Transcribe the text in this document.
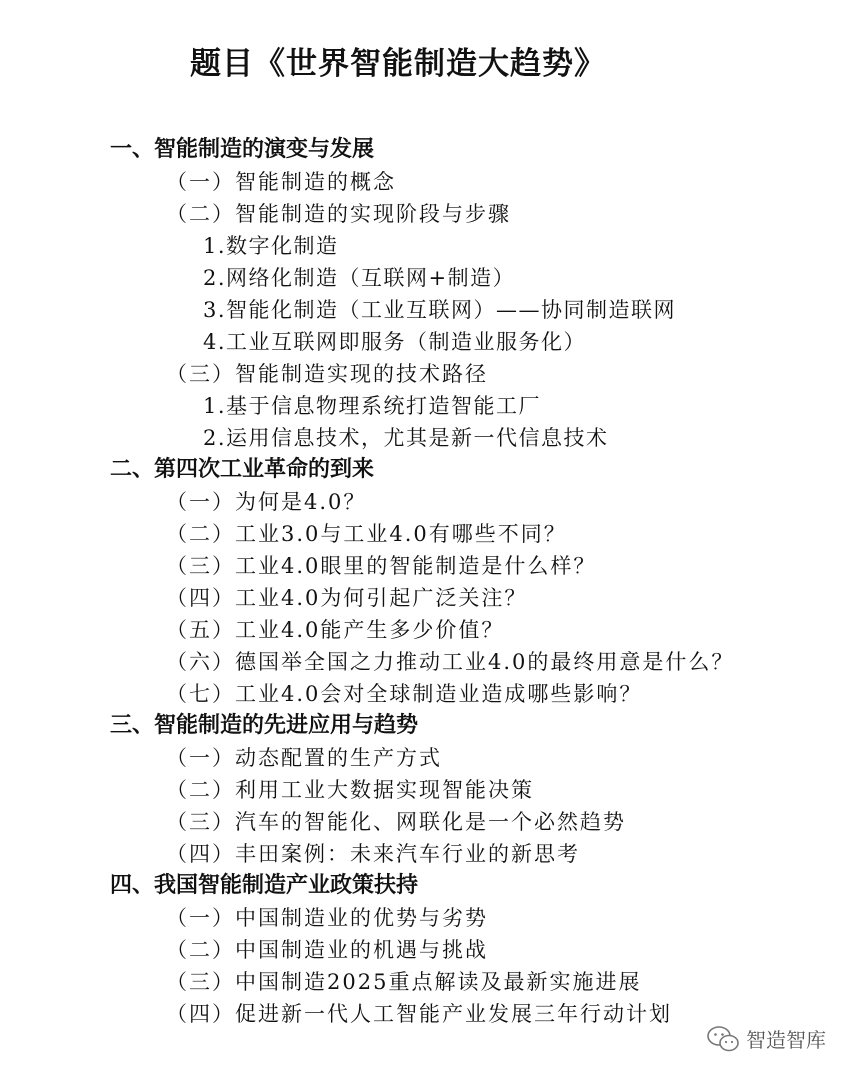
题目《世界智能制造大趋势》
一、智能制造的演变与发展
（一）智能制造的概念
（二）智能制造的实现阶段与步骤
1.数字化制造
2.网络化制造（互联网+制造）
3.智能化制造（工业互联网）——协同制造联网
4.工业互联网即服务（制造业服务化）
（三）智能制造实现的技术路径
1.基于信息物理系统打造智能工厂
2.运用信息技术，尤其是新一代信息技术
二、第四次工业革命的到来
（一）为何是4.0？
（二）工业3.0与工业4.0有哪些不同？
（三）工业4.0眼里的智能制造是什么样？
（四）工业4.0为何引起广泛关注？
（五）工业4.0能产生多少价值？
（六）德国举全国之力推动工业4.0的最终用意是什么？
（七）工业4.0会对全球制造业造成哪些影响？
三、智能制造的先进应用与趋势
（一）动态配置的生产方式
（二）利用工业大数据实现智能决策
（三）汽车的智能化、网联化是一个必然趋势
（四）丰田案例：未来汽车行业的新思考
四、我国智能制造产业政策扶持
（一）中国制造业的优势与劣势
（二）中国制造业的机遇与挑战
（三）中国制造2025重点解读及最新实施进展
（四）促进新一代人工智能产业发展三年行动计划
智造智库
